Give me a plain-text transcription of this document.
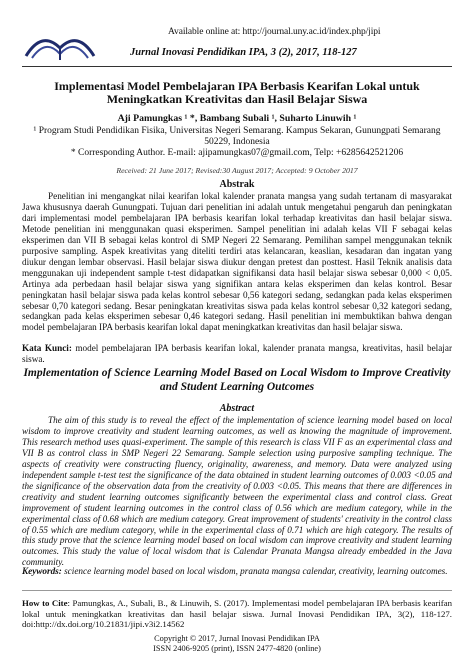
Available online at: http://journal.uny.ac.id/index.php/jipi
Jurnal Inovasi Pendidikan IPA, 3 (2), 2017, 118-127
Implementasi Model Pembelajaran IPA Berbasis Kearifan Lokal untuk Meningkatkan Kreativitas dan Hasil Belajar Siswa
Aji Pamungkas ¹ *, Bambang Subali ¹, Suharto Linuwih ¹
¹ Program Studi Pendidikan Fisika, Universitas Negeri Semarang. Kampus Sekaran, Gunungpati Semarang 50229, Indonesia
* Corresponding Author. E-mail: ajipamungkas07@gmail.com, Telp: +6285642521206
Received: 21 June 2017; Revised:30 August 2017; Accepted: 9 October 2017
Abstrak
Penelitian ini mengangkat nilai kearifan lokal kalender pranata mangsa yang sudah tertanam di masyarakat Jawa khususnya daerah Gunungpati. Tujuan dari penelitian ini adalah untuk mengetahui pengaruh dan peningkatan dari implementasi model pembelajaran IPA berbasis kearifan lokal terhadap kreativitas dan hasil belajar siswa. Metode penelitian ini menggunakan quasi eksperimen. Sampel penelitian ini adalah kelas VII F sebagai kelas eksperimen dan VII B sebagai kelas kontrol di SMP Negeri 22 Semarang. Pemilihan sampel menggunakan teknik purposive sampling. Aspek kreativitas yang diteliti terdiri atas kelancaran, keaslian, kesadaran dan ingatan yang diukur dengan lembar observasi. Hasil belajar siswa diukur dengan pretest dan posttest. Hasil Teknik analisis data menggunakan uji independent sample t-test didapatkan signifikansi data hasil belajar siswa sebesar 0,000 < 0,05. Artinya ada perbedaan hasil belajar siswa yang signifikan antara kelas eksperimen dan kelas kontrol. Besar peningkatan hasil belajar siswa pada kelas kontrol sebesar 0,56 kategori sedang, sedangkan pada kelas eksperimen sebesar 0,70 kategori sedang. Besar peningkatan kreativitas siswa pada kelas kontrol sebesar 0,32 kategori sedang, sedangkan pada kelas eksperimen sebesar 0,46 kategori sedang. Hasil penelitian ini membuktikan bahwa dengan model pembelajaran IPA berbasis kearifan lokal dapat meningkatkan kreativitas dan hasil belajar siswa.
Kata Kunci: model pembelajaran IPA berbasis kearifan lokal, kalender pranata mangsa, kreativitas, hasil belajar siswa.
Implementation of Science Learning Model Based on Local Wisdom to Improve Creativity and Student Learning Outcomes
Abstract
The aim of this study is to reveal the effect of the implementation of science learning model based on local wisdom to improve creativity and student learning outcomes, as well as knowing the magnitude of improvement. This research method uses quasi-experiment. The sample of this research is class VII F as an experimental class and VII B as control class in SMP Negeri 22 Semarang. Sample selection using purposive sampling technique. The aspects of creativity were constructing fluency, originality, awareness, and memory. Data were analyzed using independent sample t-test test the significance of the data obtained in student learning outcomes of 0.003 <0.05 and the significance of the observation data from the creativity of 0.003 <0.05. This means that there are differences in creativity and student learning outcomes significantly between the experimental class and control class. Great improvement of student learning outcomes in the control class of 0.56 which are medium category, while in the experimental class of 0.68 which are medium category. Great improvement of students' creativity in the control class of 0.55 which are medium category, while in the experimental class of 0.71 which are high category. The results of this study prove that the science learning model based on local wisdom can improve creativity and student learning outcomes. This study the value of local wisdom that is Calendar Pranata Mangsa already embedded in the Java community.
Keywords: science learning model based on local wisdom, pranata mangsa calendar, creativity, learning outcomes.
How to Cite: Pamungkas, A., Subali, B., & Linuwih, S. (2017). Implementasi model pembelajaran IPA berbasis kearifan lokal untuk meningkatkan kreativitas dan hasil belajar siswa. Jurnal Inovasi Pendidikan IPA, 3(2), 118-127. doi:http://dx.doi.org/10.21831/jipi.v3i2.14562
Copyright © 2017, Jurnal Inovasi Pendidikan IPA
ISSN 2406-9205 (print), ISSN 2477-4820 (online)
